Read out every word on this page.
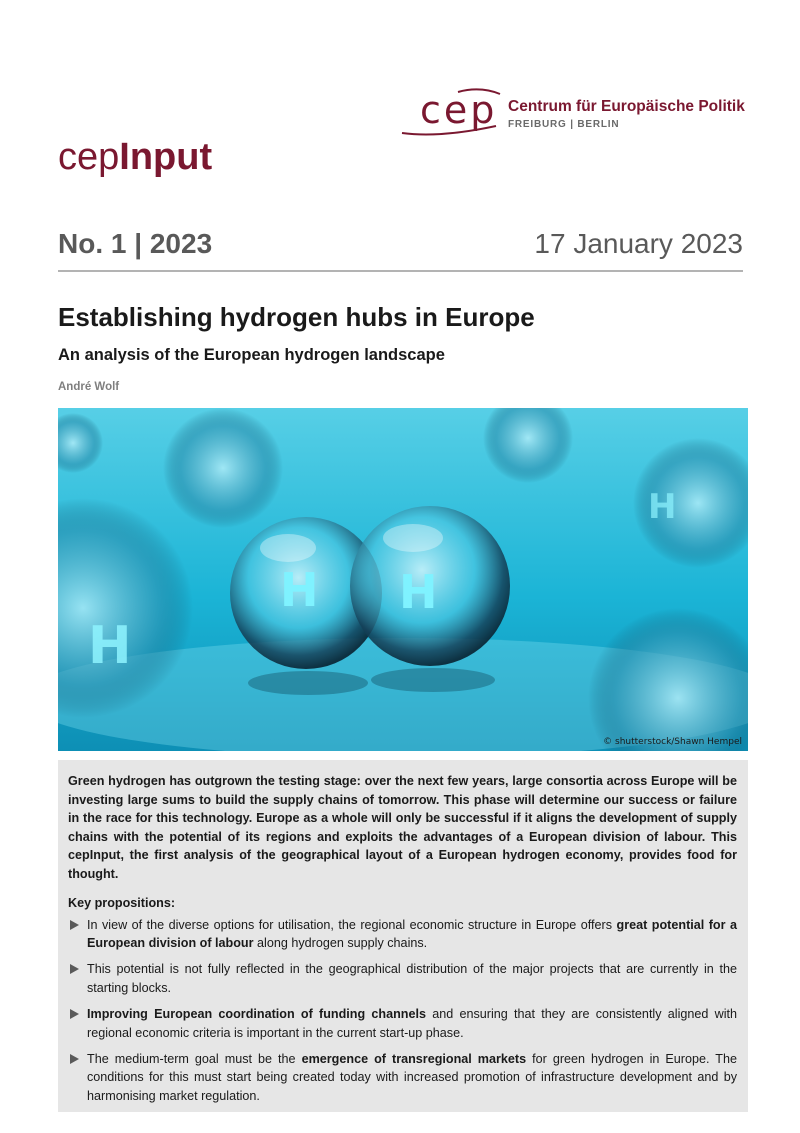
cep Centrum für Europäische Politik
FREIBURG | BERLIN
cepInput
No. 1 | 2023	17 January 2023
Establishing hydrogen hubs in Europe
An analysis of the European hydrogen landscape
André Wolf
H H
H
H
© shutterstock/Shawn Hempel

Green hydrogen has outgrown the testing stage: over the next few years, large consortia across Europe will be investing large sums to build the supply chains of tomorrow. This phase will determine our success or failure in the race for this technology. Europe as a whole will only be successful if it aligns the development of supply chains with the potential of its regions and exploits the advantages of a European division of labour. This cepInput, the first analysis of the geographical layout of a European hydrogen economy, provides food for thought.

Key propositions:
In view of the diverse options for utilisation, the regional economic structure in Europe offers great potential for a European division of labour along hydrogen supply chains.
This potential is not fully reflected in the geographical distribution of the major projects that are currently in the starting blocks.
Improving European coordination of funding channels and ensuring that they are consistently aligned with regional economic criteria is important in the current start-up phase.
The medium-term goal must be the emergence of transregional markets for green hydrogen in Europe. The conditions for this must start being created today with increased promotion of infrastructure development and by harmonising market regulation.
